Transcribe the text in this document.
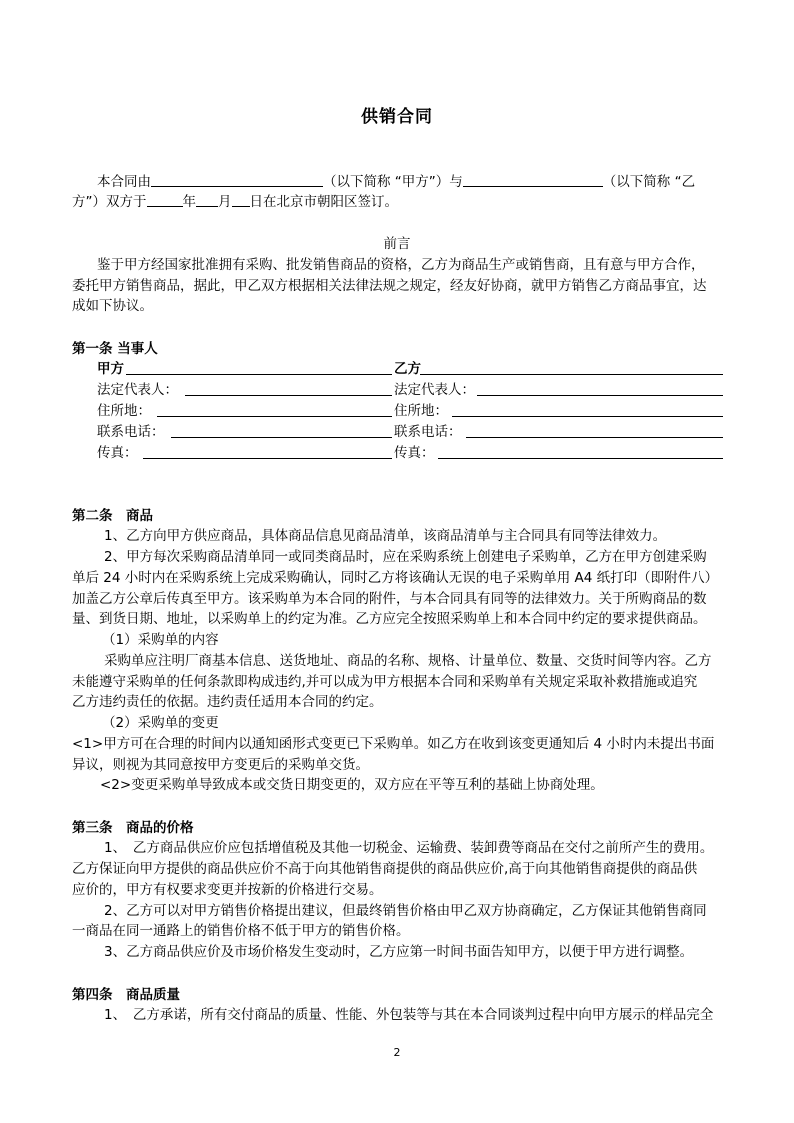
供销合同
本合同由	（以下简称 “甲方”）与	（以下简称 “乙
方”）双方于	年 月 日在北京市朝阳区签订。
前言
鉴于甲方经国家批准拥有采购、批发销售商品的资格，乙方为商品生产或销售商，且有意与甲方合作，
委托甲方销售商品，据此，甲乙双方根据相关法律法规之规定，经友好协商，就甲方销售乙方商品事宜，达
成如下协议。
第一条 当事人
甲方	乙方
法定代表人：	法定代表人：
住所地：	住所地：
联系电话：	联系电话：
传真：	传真：
第二条　商品
1、乙方向甲方供应商品，具体商品信息见商品清单，该商品清单与主合同具有同等法律效力。
2、甲方每次采购商品清单同一或同类商品时，应在采购系统上创建电子采购单，乙方在甲方创建采购
单后 24 小时内在采购系统上完成采购确认，同时乙方将该确认无误的电子采购单用 A4 纸打印（即附件八）
加盖乙方公章后传真至甲方。该采购单为本合同的附件，与本合同具有同等的法律效力。关于所购商品的数
量、到货日期、地址，以采购单上的约定为准。乙方应完全按照采购单上和本合同中约定的要求提供商品。
（1）采购单的内容
采购单应注明厂商基本信息、送货地址、商品的名称、规格、计量单位、数量、交货时间等内容。乙方
未能遵守采购单的任何条款即构成违约,并可以成为甲方根据本合同和采购单有关规定采取补救措施或追究
乙方违约责任的依据。违约责任适用本合同的约定。
（2）采购单的变更
<1>甲方可在合理的时间内以通知函形式变更已下采购单。如乙方在收到该变更通知后 4 小时内未提出书面
异议，则视为其同意按甲方变更后的采购单交货。
<2>变更采购单导致成本或交货日期变更的，双方应在平等互利的基础上协商处理。
第三条　商品的价格
1、　乙方商品供应价应包括增值税及其他一切税金、运输费、装卸费等商品在交付之前所产生的费用。
乙方保证向甲方提供的商品供应价不高于向其他销售商提供的商品供应价,高于向其他销售商提供的商品供
应价的，甲方有权要求变更并按新的价格进行交易。
2、乙方可以对甲方销售价格提出建议，但最终销售价格由甲乙双方协商确定，乙方保证其他销售商同
一商品在同一通路上的销售价格不低于甲方的销售价格。
3、乙方商品供应价及市场价格发生变动时，乙方应第一时间书面告知甲方，以便于甲方进行调整。
第四条　商品质量
1、　乙方承诺，所有交付商品的质量、性能、外包装等与其在本合同谈判过程中向甲方展示的样品完全
2
